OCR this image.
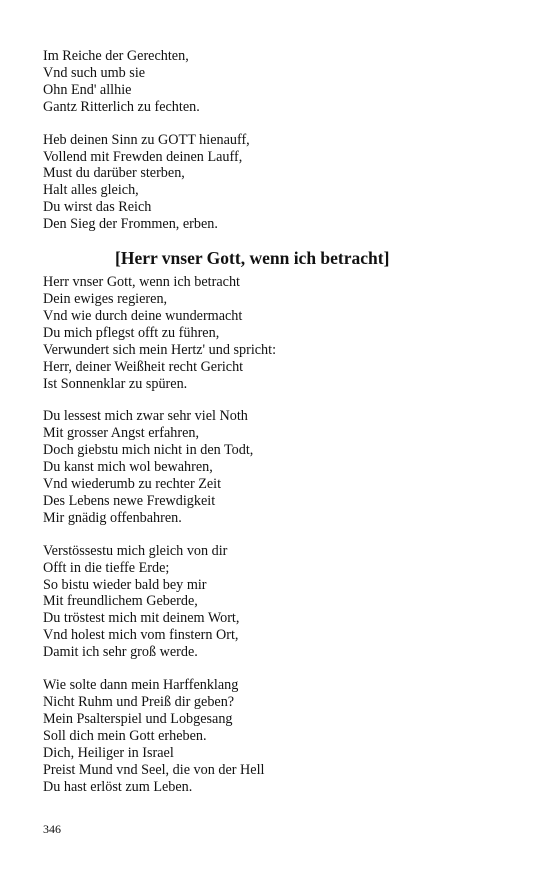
Im Reiche der Gerechten,
Vnd such umb sie
Ohn End' allhie
Gantz Ritterlich zu fechten.
Heb deinen Sinn zu GOTT hienauff,
Vollend mit Frewden deinen Lauff,
Must du darüber sterben,
Halt alles gleich,
Du wirst das Reich
Den Sieg der Frommen, erben.
[Herr vnser Gott, wenn ich betracht]
Herr vnser Gott, wenn ich betracht
Dein ewiges regieren,
Vnd wie durch deine wundermacht
Du mich pflegst offt zu führen,
Verwundert sich mein Hertz' und spricht:
Herr, deiner Weißheit recht Gericht
Ist Sonnenklar zu spüren.
Du lessest mich zwar sehr viel Noth
Mit grosser Angst erfahren,
Doch giebstu mich nicht in den Todt,
Du kanst mich wol bewahren,
Vnd wiederumb zu rechter Zeit
Des Lebens newe Frewdigkeit
Mir gnädig offenbahren.
Verstössestu mich gleich von dir
Offt in die tieffe Erde;
So bistu wieder bald bey mir
Mit freundlichem Geberde,
Du tröstest mich mit deinem Wort,
Vnd holest mich vom finstern Ort,
Damit ich sehr groß werde.
Wie solte dann mein Harffenklang
Nicht Ruhm und Preiß dir geben?
Mein Psalterspiel und Lobgesang
Soll dich mein Gott erheben.
Dich, Heiliger in Israel
Preist Mund vnd Seel, die von der Hell
Du hast erlöst zum Leben.
346
